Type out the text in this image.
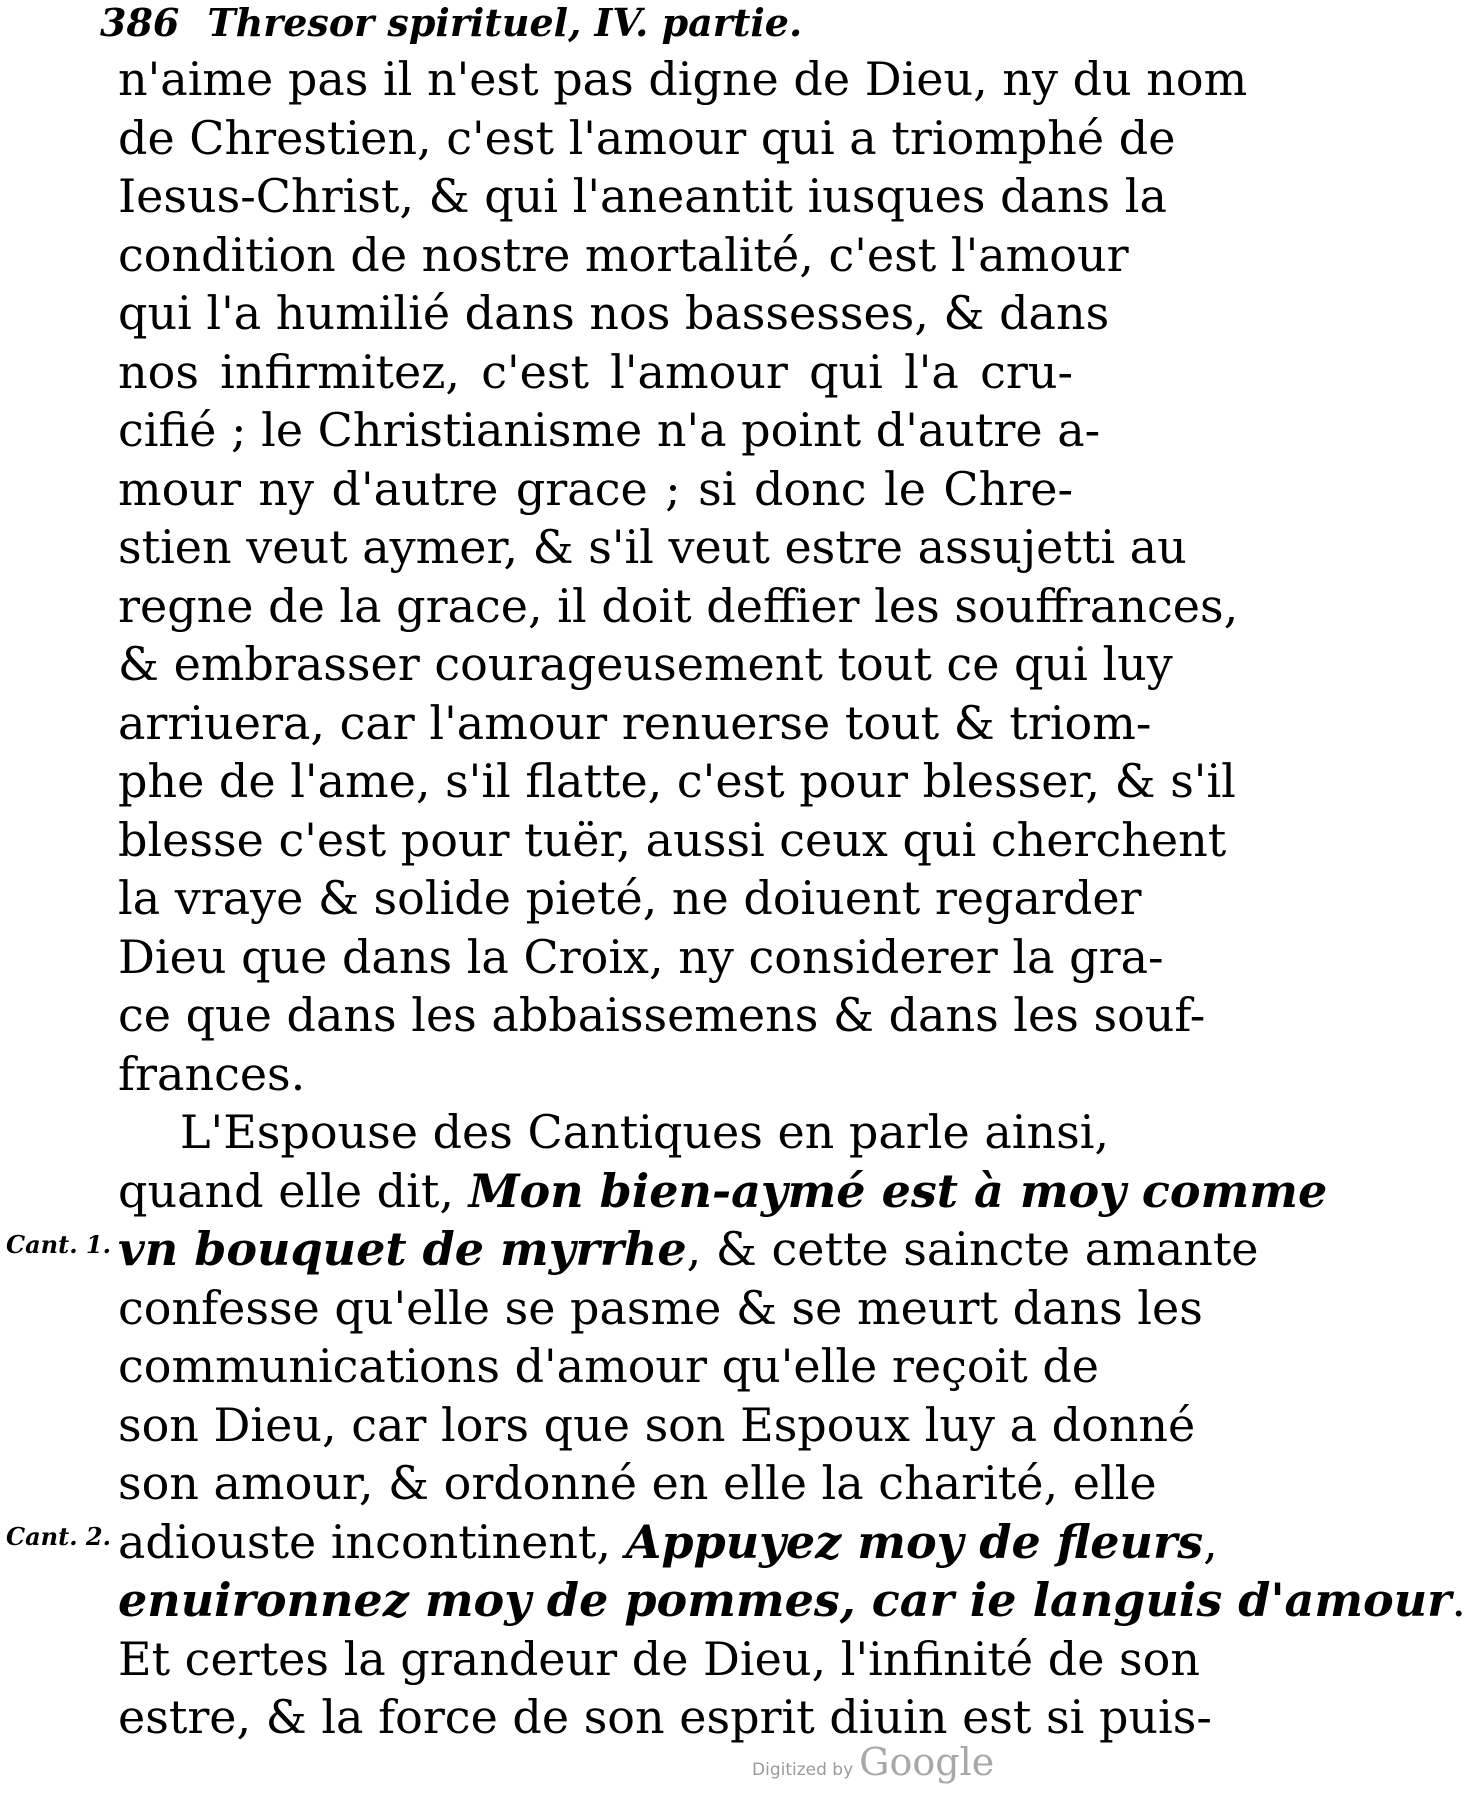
386 Thresor spirituel, IV. partie.
n'aime pas il n'est pas digne de Dieu, ny du nom
de Chrestien, c'est l'amour qui a triomphé de
Iesus-Christ, & qui l'aneantit iusques dans la
condition de nostre mortalité, c'est l'amour
qui l'a humilié dans nos bassesses, & dans
nos infirmitez, c'est l'amour qui l'a cru-
cifié ; le Christianisme n'a point d'autre a-
mour ny d'autre grace ; si donc le Chre-
stien veut aymer, & s'il veut estre assujetti au
regne de la grace, il doit deffier les souffrances,
& embrasser courageusement tout ce qui luy
arriuera, car l'amour renuerse tout & triom-
phe de l'ame, s'il flatte, c'est pour blesser, & s'il
blesse c'est pour tuër, aussi ceux qui cherchent
la vraye & solide pieté, ne doiuent regarder
Dieu que dans la Croix, ny considerer la gra-
ce que dans les abbaissemens & dans les souf-
frances.
L'Espouse des Cantiques en parle ainsi,
quand elle dit, Mon bien-aymé est à moy comme
vn bouquet de myrrhe, & cette saincte amante
confesse qu'elle se pasme & se meurt dans les
communications d'amour qu'elle reçoit de
son Dieu, car lors que son Espoux luy a donné
son amour, & ordonné en elle la charité, elle
adiouste incontinent, Appuyez moy de fleurs,
enuironnez moy de pommes, car ie languis d'amour.
Et certes la grandeur de Dieu, l'infinité de son
estre, & la force de son esprit diuin est si puis-
Cant. 1.
Cant. 2.
Digitized by Google
